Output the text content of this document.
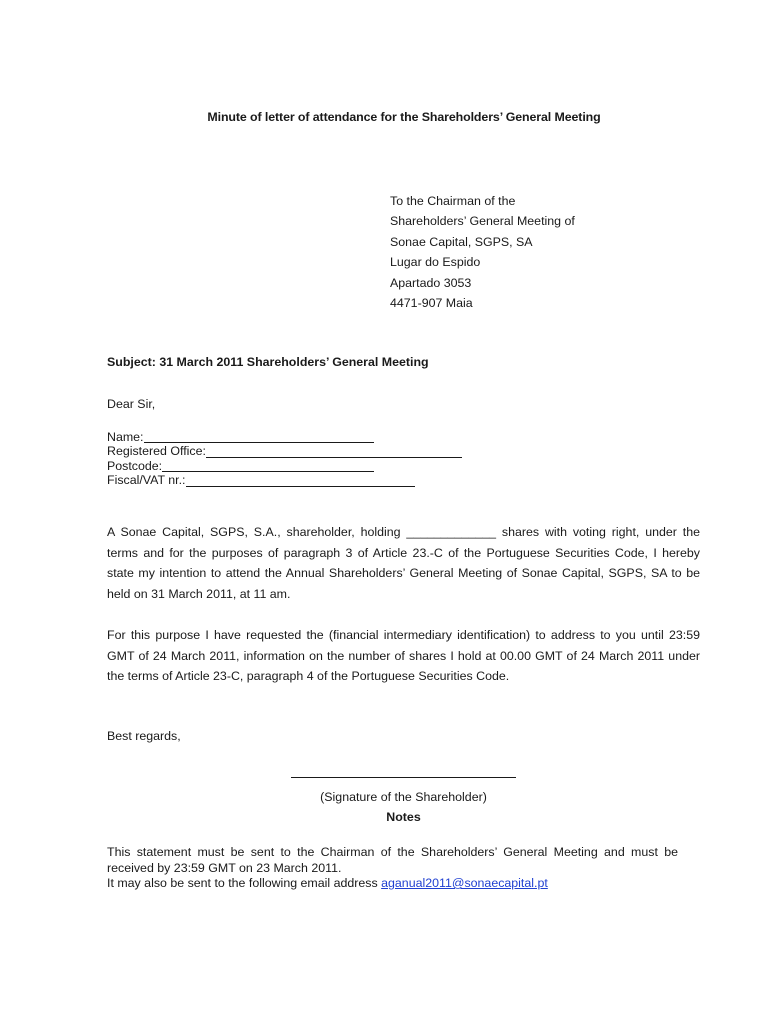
Minute of letter of attendance for the Shareholders’ General Meeting
To the Chairman of the
Shareholders’ General Meeting of
Sonae Capital, SGPS, SA
Lugar do Espido
Apartado 3053
4471-907 Maia
Subject: 31 March 2011 Shareholders’ General Meeting
Dear Sir,
Name:
Registered Office:
Postcode:
Fiscal/VAT nr.:
A Sonae Capital, SGPS, S.A., shareholder, holding _____________ shares with voting right, under the
terms and for the purposes of paragraph 3 of Article 23.-C of the Portuguese Securities Code, I hereby
state my intention to attend the Annual Shareholders’ General Meeting of Sonae Capital, SGPS, SA to be
held on 31 March 2011, at 11 am.
For this purpose I have requested the (financial intermediary identification) to address to you until 23:59
GMT of 24 March 2011, information on the number of shares I hold at 00.00 GMT of 24 March 2011 under
the terms of Article 23-C, paragraph 4 of the Portuguese Securities Code.
Best regards,
(Signature of the Shareholder)
Notes
This statement must be sent to the Chairman of the Shareholders’ General Meeting and must be
received by 23:59 GMT on 23 March 2011.
It may also be sent to the following email address aganual2011@sonaecapital.pt
